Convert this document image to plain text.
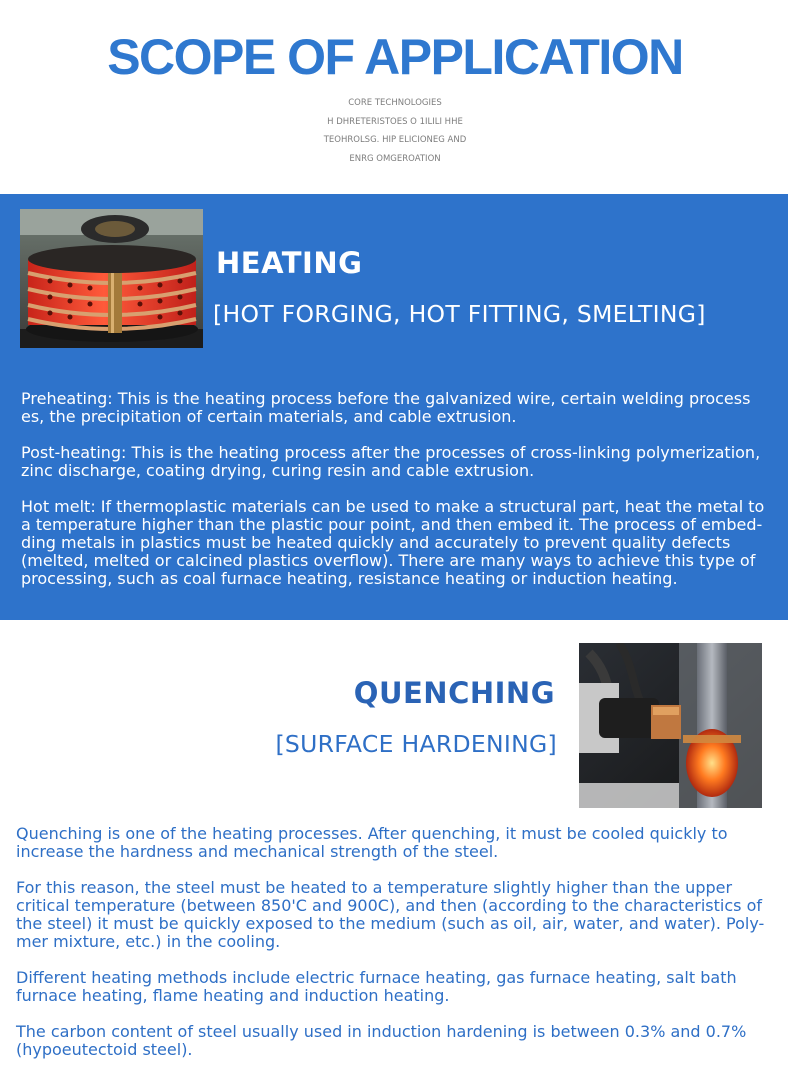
SCOPE OF APPLICATION
CORE TECHNOLOGIES
H DHRETERISTOES O 1ILILI HHE
TEOHROLSG. HIP ELICIONEG AND
ENRG OMGEROATION
HEATING
[HOT FORGING, HOT FITTING, SMELTING]

Preheating: This is the heating process before the galvanized wire, certain welding process es, the precipitation of certain materials, and cable extrusion.

Post-heating: This is the heating process after the processes of cross-linking polymerization, zinc discharge, coating drying, curing resin and cable extrusion.

Hot melt: If thermoplastic materials can be used to make a structural part, heat the metal to a temperature higher than the plastic pour point, and then embed it. The process of embed-ding metals in plastics must be heated quickly and accurately to prevent quality defects (melted, melted or calcined plastics overflow). There are many ways to achieve this type of processing, such as coal furnace heating, resistance heating or induction heating.

QUENCHING
[SURFACE HARDENING]

Quenching is one of the heating processes. After quenching, it must be cooled quickly to increase the hardness and mechanical strength of the steel.

For this reason, the steel must be heated to a temperature slightly higher than the upper critical temperature (between 850'C and 900C), and then (according to the characteristics of the steel) it must be quickly exposed to the medium (such as oil, air, water, and water). Poly-mer mixture, etc.) in the cooling.

Different heating methods include electric furnace heating, gas furnace heating, salt bath furnace heating, flame heating and induction heating.

The carbon content of steel usually used in induction hardening is between 0.3% and 0.7% (hypoeutectoid steel).
